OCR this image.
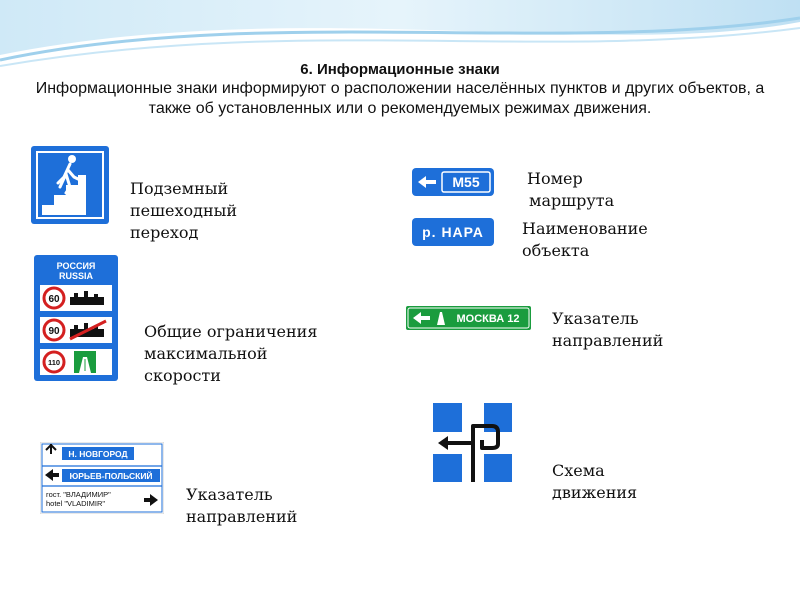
6. Информационные знаки
Информационные знаки информируют о расположении населённых пунктов и других объектов, а также об установленных или о рекомендуемых режимах движения.
Подземный
пешеходный
переход
М55	Номер
маршрута
р. НАРА Наименование
объекта
РОССИЯ
RUSSIA
60
90
110
Общие ограничения
максимальной
скорости
МОСКВА 12 Указатель
направлений
Схема
движения
Н. НОВГОРОД
ЮРЬЕВ-ПОЛЬСКИЙ
гост. "ВЛАДИМИР"
hotel "VLADIMIR"	Указатель
направлений
